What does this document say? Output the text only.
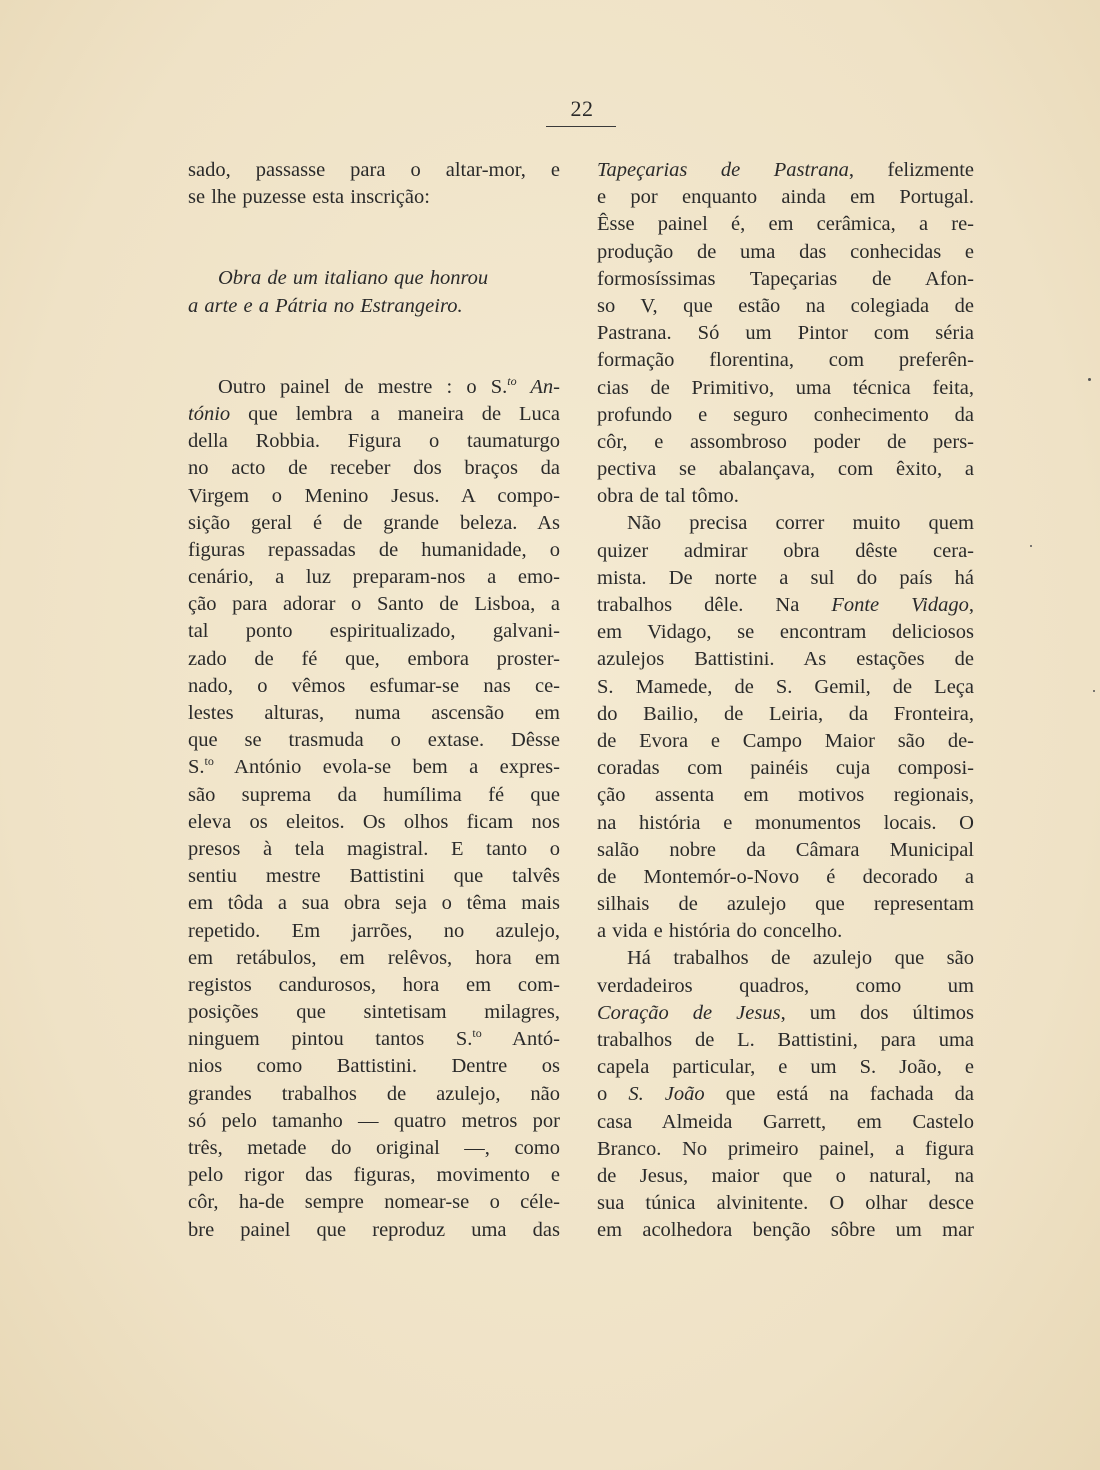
22
sado, passasse para o altar-mor, e
se lhe puzesse esta inscrição:
Obra de um italiano que honrou
a arte e a Pátria no Estrangeiro.
Outro painel de mestre : o S.$^{to}$ An-
tónio que lembra a maneira de Luca
della Robbia. Figura o taumaturgo
no acto de receber dos braços da
Virgem o Menino Jesus. A compo-
sição geral é de grande beleza. As
figuras repassadas de humanidade, o
cenário, a luz preparam-nos a emo-
ção para adorar o Santo de Lisboa, a
tal ponto espiritualizado, galvani-
zado de fé que, embora proster-
nado, o vêmos esfumar-se nas ce-
lestes alturas, numa ascensão em
que se trasmuda o extase. Dêsse
S.$^{to}$ António evola-se bem a expres-
são suprema da humílima fé que
eleva os eleitos. Os olhos ficam nos
presos à tela magistral. E tanto o
sentiu mestre Battistini que talvês
em tôda a sua obra seja o têma mais
repetido. Em jarrões, no azulejo,
em retábulos, em relêvos, hora em
registos candurosos, hora em com-
posições que sintetisam milagres,
ninguem pintou tantos S.$^{to}$ Antó-
nios como Battistini. Dentre os
grandes trabalhos de azulejo, não
só pelo tamanho — quatro metros por
três, metade do original —, como
pelo rigor das figuras, movimento e
côr, ha-de sempre nomear-se o céle-
bre painel que reproduz uma das
Tapeçarias de Pastrana, felizmente
e por enquanto ainda em Portugal.
Êsse painel é, em cerâmica, a re-
produção de uma das conhecidas e
formosíssimas Tapeçarias de Afon-
so V, que estão na colegiada de
Pastrana. Só um Pintor com séria
formação florentina, com preferên-
cias de Primitivo, uma técnica feita,
profundo e seguro conhecimento da
côr, e assombroso poder de pers-
pectiva se abalançava, com êxito, a
obra de tal tômo.
Não precisa correr muito quem
quizer admirar obra dêste cera-
mista. De norte a sul do país há
trabalhos dêle. Na Fonte Vidago,
em Vidago, se encontram deliciosos
azulejos Battistini. As estações de
S. Mamede, de S. Gemil, de Leça
do Bailio, de Leiria, da Fronteira,
de Evora e Campo Maior são de-
coradas com painéis cuja composi-
ção assenta em motivos regionais,
na história e monumentos locais. O
salão nobre da Câmara Municipal
de Montemór-o-Novo é decorado a
silhais de azulejo que representam
a vida e história do concelho.
Há trabalhos de azulejo que são
verdadeiros quadros, como um
Coração de Jesus, um dos últimos
trabalhos de L. Battistini, para uma
capela particular, e um S. João, e
o S. João que está na fachada da
casa Almeida Garrett, em Castelo
Branco. No primeiro painel, a figura
de Jesus, maior que o natural, na
sua túnica alvinitente. O olhar desce
em acolhedora benção sôbre um mar
